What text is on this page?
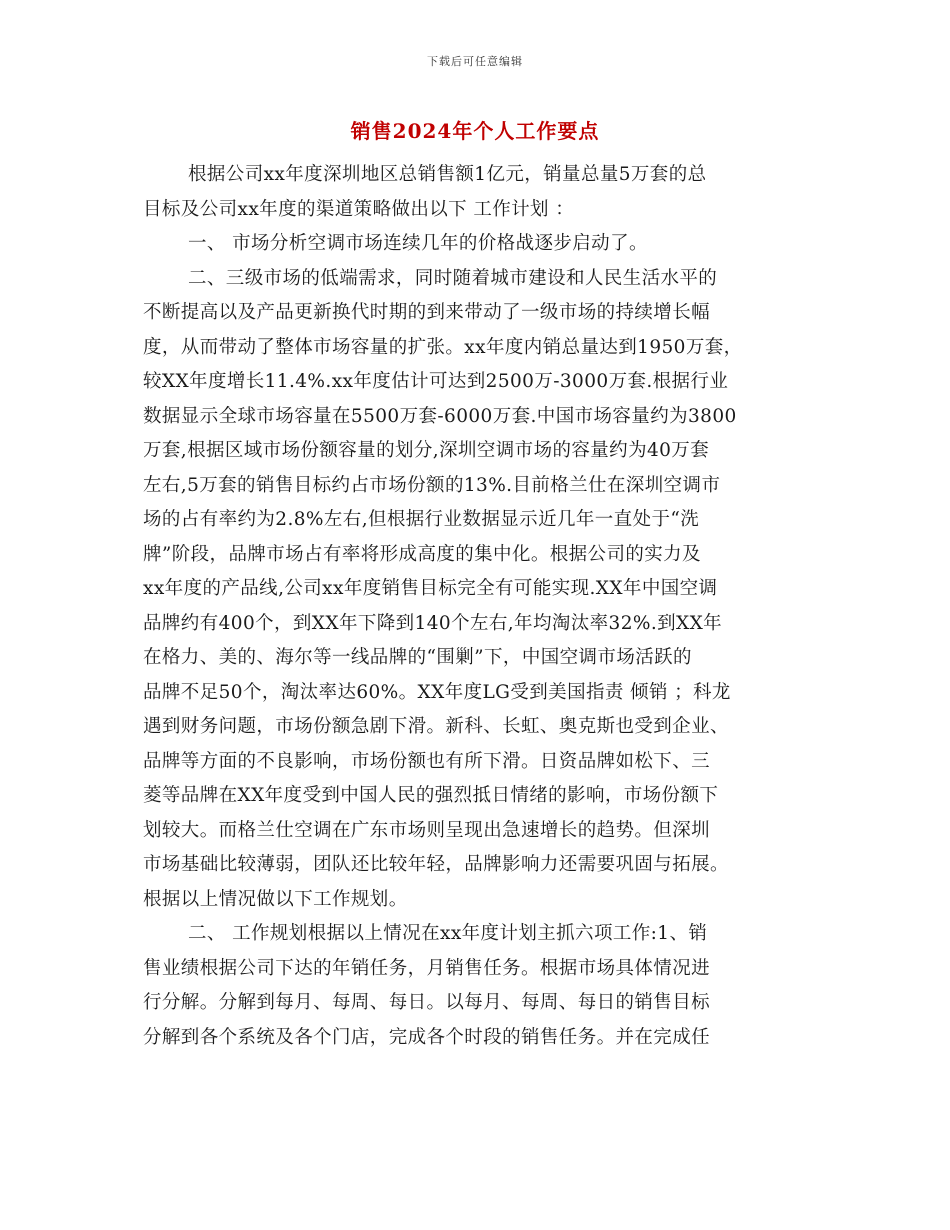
下载后可任意编辑
销售2024年个人工作要点
根据公司xx年度深圳地区总销售额1亿元，销量总量5万套的总
目标及公司xx年度的渠道策略做出以下 工作计划 ：
一、 市场分析空调市场连续几年的价格战逐步启动了。
二、三级市场的低端需求，同时随着城市建设和人民生活水平的
不断提高以及产品更新换代时期的到来带动了一级市场的持续增长幅
度，从而带动了整体市场容量的扩张。xx年度内销总量达到1950万套，
较XX年度增长11.4%.xx年度估计可达到2500万-3000万套.根据行业
数据显示全球市场容量在5500万套-6000万套.中国市场容量约为3800
万套,根据区域市场份额容量的划分,深圳空调市场的容量约为40万套
左右,5万套的销售目标约占市场份额的13%.目前格兰仕在深圳空调市
场的占有率约为2.8%左右,但根据行业数据显示近几年一直处于“洗
牌”阶段，品牌市场占有率将形成高度的集中化。根据公司的实力及
xx年度的产品线,公司xx年度销售目标完全有可能实现.XX年中国空调
品牌约有400个，到XX年下降到140个左右,年均淘汰率32%.到XX年
在格力、美的、海尔等一线品牌的“围剿”下，中国空调市场活跃的
品牌不足50个，淘汰率达60%。XX年度LG受到美国指责 倾销 ；科龙
遇到财务问题，市场份额急剧下滑。新科、长虹、奥克斯也受到企业、
品牌等方面的不良影响，市场份额也有所下滑。日资品牌如松下、三
菱等品牌在XX年度受到中国人民的强烈抵日情绪的影响，市场份额下
划较大。而格兰仕空调在广东市场则呈现出急速增长的趋势。但深圳
市场基础比较薄弱，团队还比较年轻，品牌影响力还需要巩固与拓展。
根据以上情况做以下工作规划。
二、 工作规划根据以上情况在xx年度计划主抓六项工作:1、销
售业绩根据公司下达的年销任务，月销售任务。根据市场具体情况进
行分解。分解到每月、每周、每日。以每月、每周、每日的销售目标
分解到各个系统及各个门店，完成各个时段的销售任务。并在完成任
